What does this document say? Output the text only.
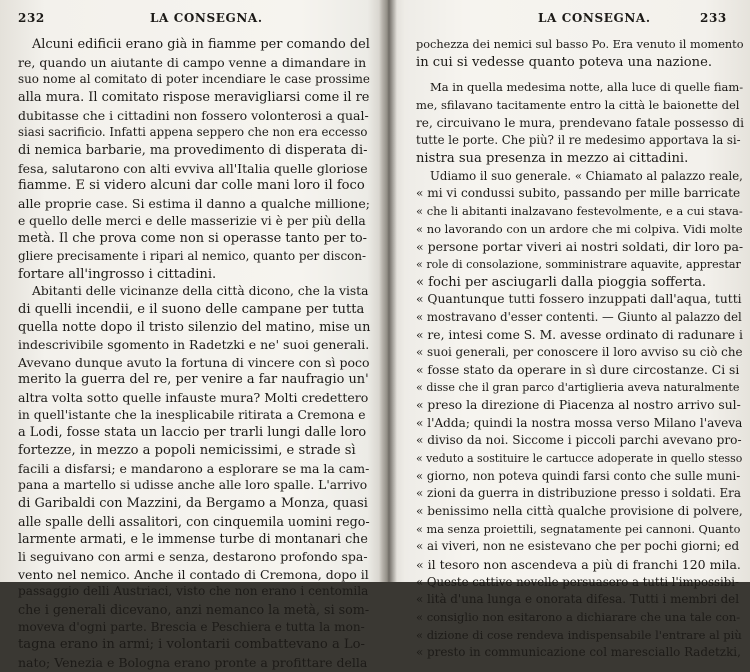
232	LA CONSEGNA.
Alcuni edificii erano già in fiamme per comando del
re, quando un aiutante di campo venne a dimandare in
suo nome al comitato di poter incendiare le case prossime
alla mura. Il comitato rispose meravigliarsi come il re
dubitasse che i cittadini non fossero volonterosi a qual-
siasi sacrificio. Infatti appena seppero che non era eccesso
di nemica barbarie, ma provedimento di disperata di-
fesa, salutarono con alti evviva all'Italia quelle gloriose
fiamme. E si videro alcuni dar colle mani loro il foco
alle proprie case. Si estima il danno a qualche millione;
e quello delle merci e delle masserizie vi è per più della
metà. Il che prova come non si operasse tanto per to-
gliere precisamente i ripari al nemico, quanto per discon-
fortare all'ingrosso i cittadini.
Abitanti delle vicinanze della città dicono, che la vista
di quelli incendii, e il suono delle campane per tutta
quella notte dopo il tristo silenzio del matino, mise un
indescrivibile sgomento in Radetzki e ne' suoi generali.
Avevano dunque avuto la fortuna di vincere con sì poco
merito la guerra del re, per venire a far naufragio un'
altra volta sotto quelle infauste mura? Molti credettero
in quell'istante che la inesplicabile ritirata a Cremona e
a Lodi, fosse stata un laccio per trarli lungi dalle loro
fortezze, in mezzo a popoli nemicissimi, e strade sì
facili a disfarsi; e mandarono a esplorare se ma la cam-
pana a martello si udisse anche alle loro spalle. L'arrivo
di Garibaldi con Mazzini, da Bergamo a Monza, quasi
alle spalle delli assalitori, con cinquemila uomini rego-
larmente armati, e le immense turbe di montanari che
li seguivano con armi e senza, destarono profondo spa-
vento nel nemico. Anche il contado di Cremona, dopo il
passaggio delli Austriaci, visto che non erano i centomila
che i generali dicevano, anzi nemanco la metà, si som-
moveva d'ogni parte. Brescia e Peschiera e tutta la mon-
tagna erano in armi; i volontarii combattevano a Lo-
nato; Venezia e Bologna erano pronte a profittare della
LA CONSEGNA.	233
pochezza dei nemici sul basso Po. Era venuto il momento
in cui si vedesse quanto poteva una nazione.
Ma in quella medesima notte, alla luce di quelle fiam-
me, sfilavano tacitamente entro la città le baionette del
re, circuivano le mura, prendevano fatale possesso di
tutte le porte. Che più? il re medesimo apportava la si-
nistra sua presenza in mezzo ai cittadini.
Udiamo il suo generale. « Chiamato al palazzo reale,
« mi vi condussi subito, passando per mille barricate
« che li abitanti inalzavano festevolmente, e a cui stava-
« no lavorando con un ardore che mi colpiva. Vidi molte
« persone portar viveri ai nostri soldati, dir loro pa-
« role di consolazione, somministrare aquavite, apprestar
« fochi per asciugarli dalla pioggia sofferta.
« Quantunque tutti fossero inzuppati dall'aqua, tutti
« mostravano d'esser contenti. — Giunto al palazzo del
« re, intesi come S. M. avesse ordinato di radunare i
« suoi generali, per conoscere il loro avviso su ciò che
« fosse stato da operare in sì dure circostanze. Ci si
« disse che il gran parco d'artiglieria aveva naturalmente
« preso la direzione di Piacenza al nostro arrivo sul-
« l'Adda; quindi la nostra mossa verso Milano l'aveva
« diviso da noi. Siccome i piccoli parchi avevano pro-
« veduto a sostituire le cartucce adoperate in quello stesso
« giorno, non poteva quindi farsi conto che sulle muni-
« zioni da guerra in distribuzione presso i soldati. Era
« benissimo nella città qualche provisione di polvere,
« ma senza proiettili, segnatamente pei cannoni. Quanto
« ai viveri, non ne esistevano che per pochi giorni; ed
« il tesoro non ascendeva a più di franchi 120 mila.
« Queste cattive novelle persuasero a tutti l'impossibi-
« lità d'una lunga e onorata difesa. Tutti i membri del
« consiglio non esitarono a dichiarare che una tale con-
« dizione di cose rendeva indispensabile l'entrare al più
« presto in communicazione col maresciallo Radetzki,
